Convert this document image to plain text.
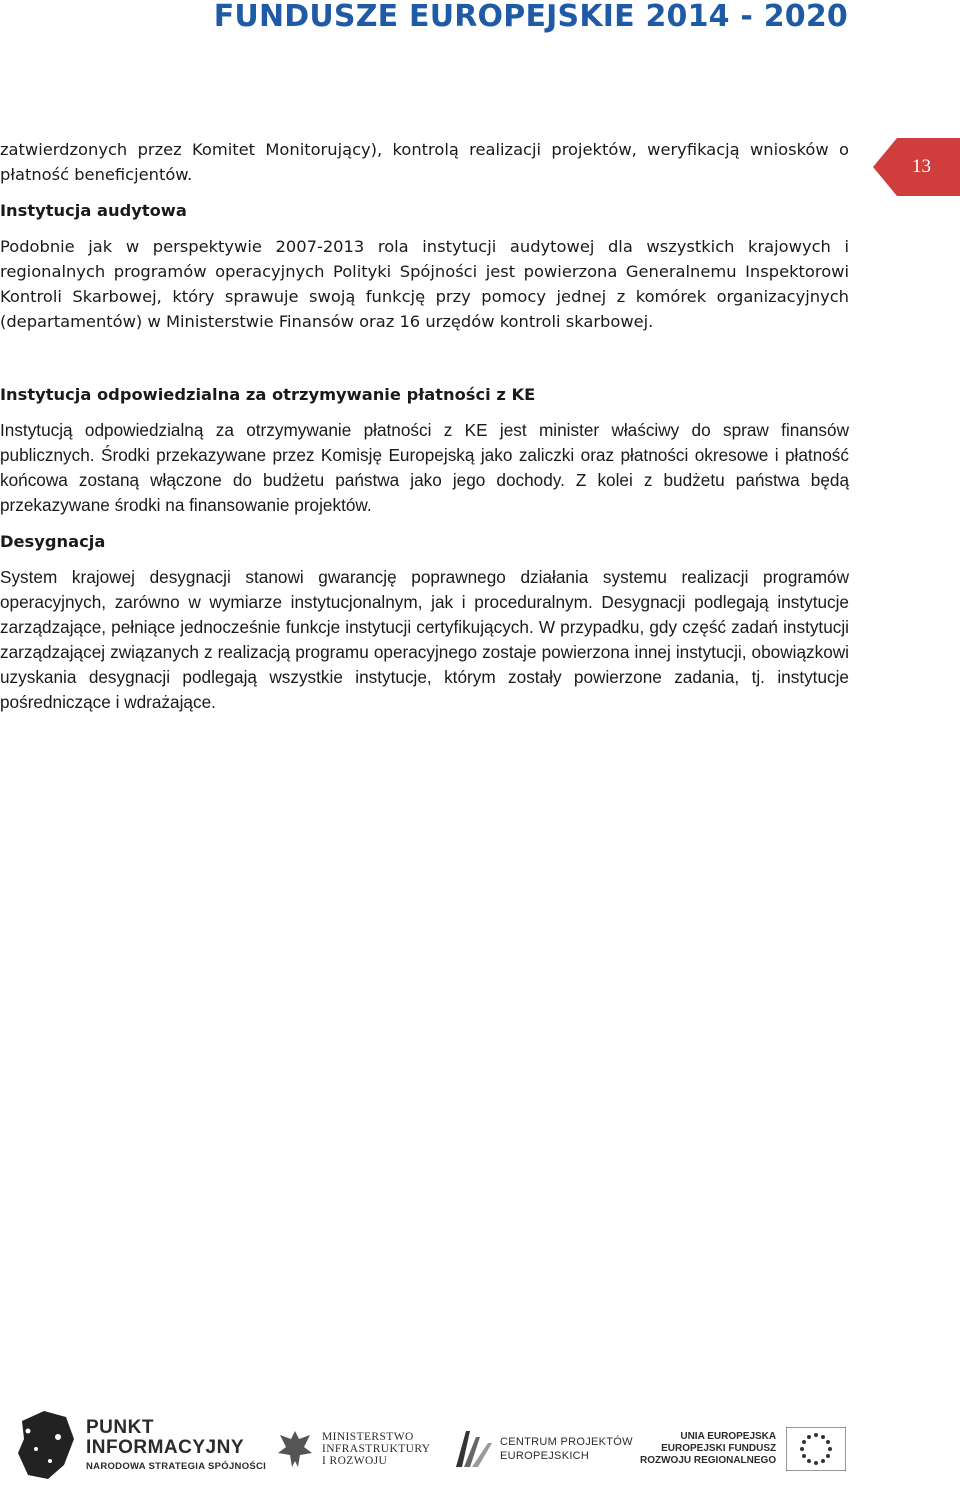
FUNDUSZE EUROPEJSKIE 2014 - 2020
13

zatwierdzonych przez Komitet Monitorujący), kontrolą realizacji projektów, weryfikacją wniosków o płatność beneficjentów.

Instytucja audytowa

Podobnie jak w perspektywie 2007-2013 rola instytucji audytowej dla wszystkich krajowych i regionalnych programów operacyjnych Polityki Spójności jest powierzona Generalnemu Inspektorowi Kontroli Skarbowej, który sprawuje swoją funkcję przy pomocy jednej z komórek organizacyjnych (departamentów) w Ministerstwie Finansów oraz 16 urzędów kontroli skarbowej.

Instytucja odpowiedzialna za otrzymywanie płatności z KE

Instytucją odpowiedzialną za otrzymywanie płatności z KE jest minister właściwy do spraw finansów publicznych. Środki przekazywane przez Komisję Europejską jako zaliczki oraz płatności okresowe i płatność końcowa zostaną włączone do budżetu państwa jako jego dochody. Z kolei z budżetu państwa będą przekazywane środki na finansowanie projektów.

Desygnacja

System krajowej desygnacji stanowi gwarancję poprawnego działania systemu realizacji programów operacyjnych, zarówno w wymiarze instytucjonalnym, jak i proceduralnym. Desygnacji podlegają instytucje zarządzające, pełniące jednocześnie funkcje instytucji certyfikujących. W przypadku, gdy część zadań instytucji zarządzającej związanych z realizacją programu operacyjnego zostaje powierzona innej instytucji, obowiązkowi uzyskania desygnacji podlegają wszystkie instytucje, którym zostały powierzone zadania, tj. instytucje pośredniczące i wdrażające.

PUNKT
INFORMACYJNY
NARODOWA STRATEGIA SPÓJNOŚCI
MINISTERSTWO
INFRASTRUKTURY
I ROZWOJU
CENTRUM PROJEKTÓW
EUROPEJSKICH
UNIA EUROPEJSKA
EUROPEJSKI FUNDUSZ
ROZWOJU REGIONALNEGO
